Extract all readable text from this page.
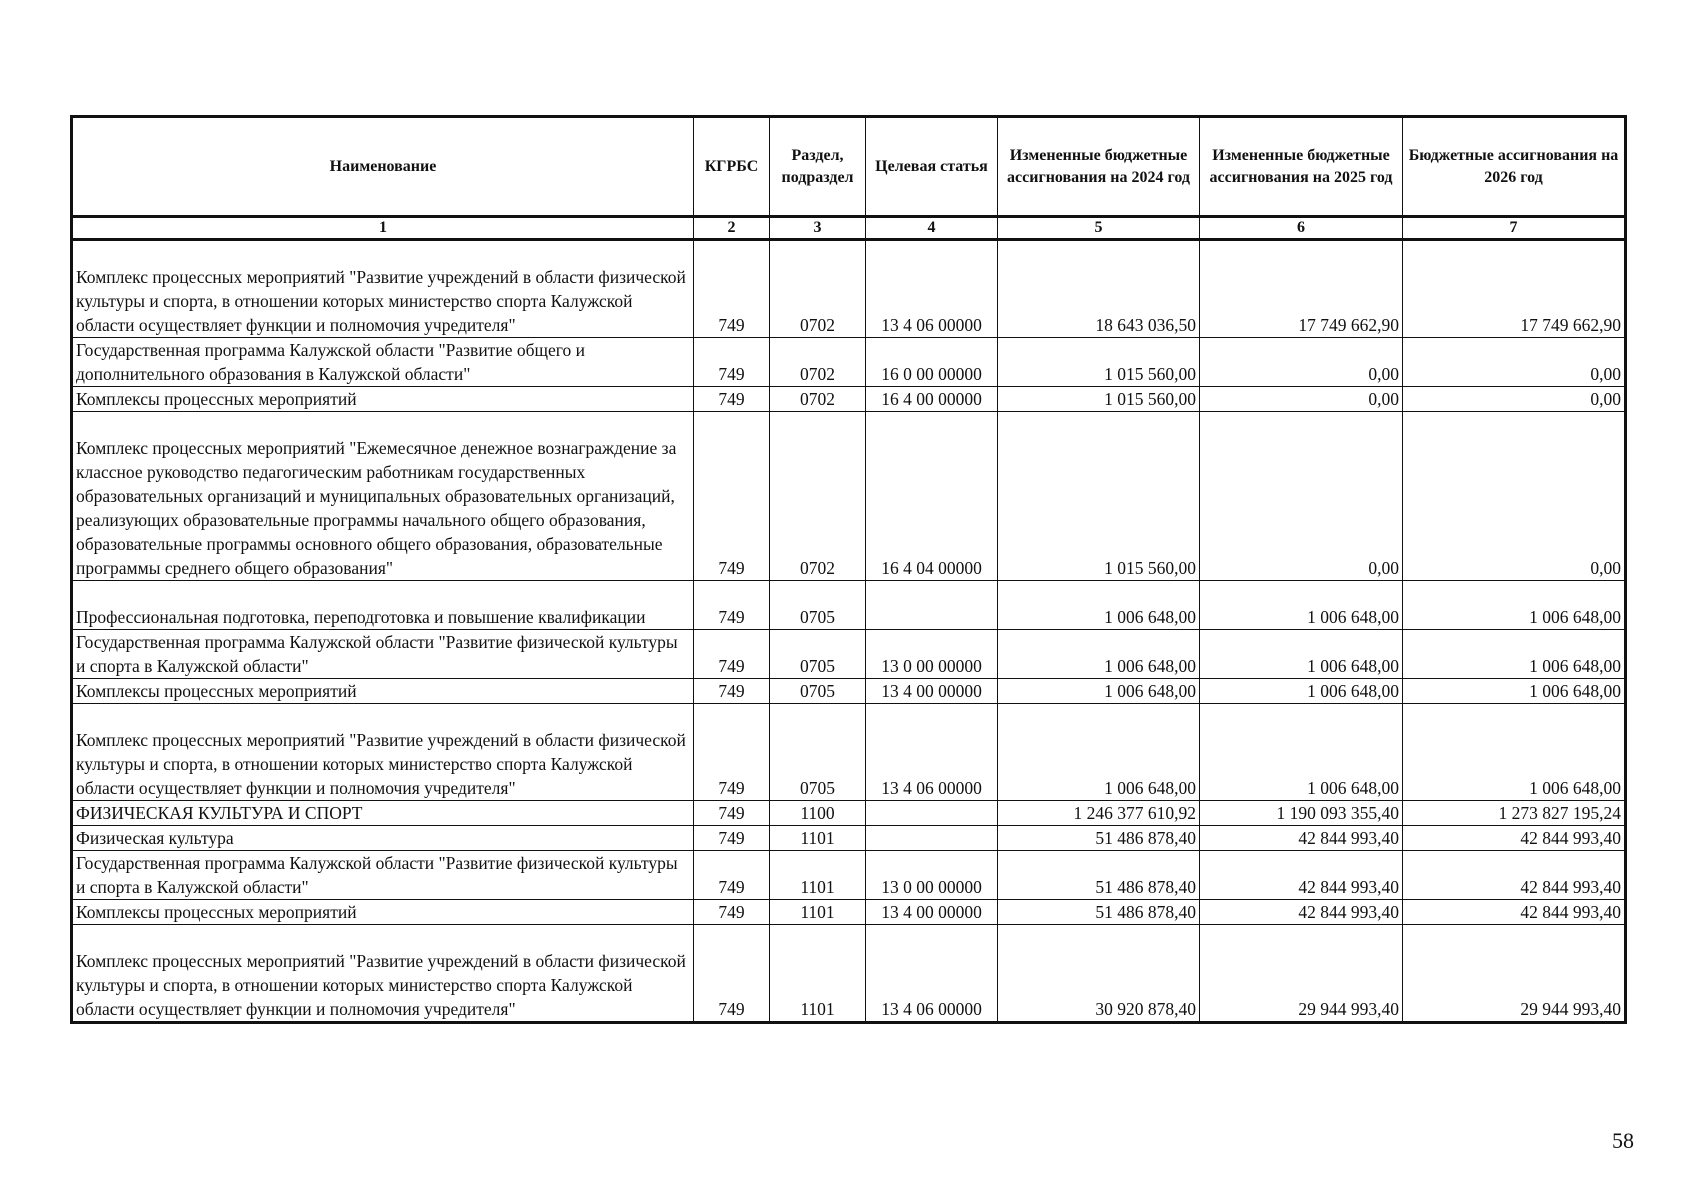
Наименование	КГРБС	Раздел, подраздел	Целевая статья	Измененные бюджетные ассигнования на 2024 год	Измененные бюджетные ассигнования на 2025 год	Бюджетные ассигнования на 2026 год
1	2	3	4	5	6	7
Комплекс процессных мероприятий "Развитие учреждений в области физической культуры и спорта, в отношении которых министерство спорта Калужской области осуществляет функции и полномочия учредителя"	749	0702	13 4 06 00000	18 643 036,50	17 749 662,90	17 749 662,90
Государственная программа Калужской области "Развитие общего и дополнительного образования в Калужской области"	749	0702	16 0 00 00000	1 015 560,00	0,00	0,00
Комплексы процессных мероприятий	749	0702	16 4 00 00000	1 015 560,00	0,00	0,00
Комплекс процессных мероприятий "Ежемесячное денежное вознаграждение за классное руководство педагогическим работникам государственных образовательных организаций и муниципальных образовательных организаций, реализующих образовательные программы начального общего образования, образовательные программы основного общего образования, образовательные программы среднего общего образования"	749	0702	16 4 04 00000	1 015 560,00	0,00	0,00
Профессиональная подготовка, переподготовка и повышение квалификации	749	0705		1 006 648,00	1 006 648,00	1 006 648,00
Государственная программа Калужской области "Развитие физической культуры и спорта в Калужской области"	749	0705	13 0 00 00000	1 006 648,00	1 006 648,00	1 006 648,00
Комплексы процессных мероприятий	749	0705	13 4 00 00000	1 006 648,00	1 006 648,00	1 006 648,00
Комплекс процессных мероприятий "Развитие учреждений в области физической культуры и спорта, в отношении которых министерство спорта Калужской области осуществляет функции и полномочия учредителя"	749	0705	13 4 06 00000	1 006 648,00	1 006 648,00	1 006 648,00
ФИЗИЧЕСКАЯ КУЛЬТУРА И СПОРТ	749	1100		1 246 377 610,92	1 190 093 355,40	1 273 827 195,24
Физическая культура	749	1101		51 486 878,40	42 844 993,40	42 844 993,40
Государственная программа Калужской области "Развитие физической культуры и спорта в Калужской области"	749	1101	13 0 00 00000	51 486 878,40	42 844 993,40	42 844 993,40
Комплексы процессных мероприятий	749	1101	13 4 00 00000	51 486 878,40	42 844 993,40	42 844 993,40
Комплекс процессных мероприятий "Развитие учреждений в области физической культуры и спорта, в отношении которых министерство спорта Калужской области осуществляет функции и полномочия учредителя"	749	1101	13 4 06 00000	30 920 878,40	29 944 993,40	29 944 993,40
58
